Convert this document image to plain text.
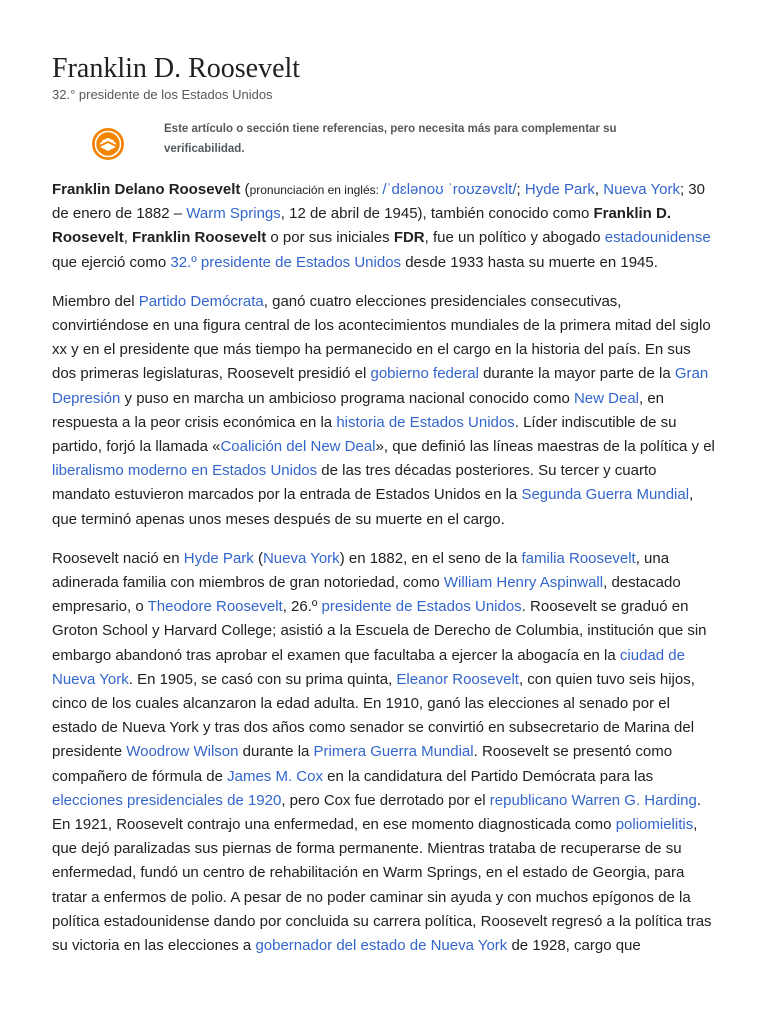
Franklin D. Roosevelt
32.° presidente de los Estados Unidos
Este artículo o sección tiene referencias, pero necesita más para complementar su verificabilidad.

Franklin Delano Roosevelt (pronunciación en inglés: /ˈdɛlənoʊ ˈroʊzəvɛlt/; Hyde Park, Nueva York; 30 de enero de 1882 – Warm Springs, 12 de abril de 1945), también conocido como Franklin D. Roosevelt, Franklin Roosevelt o por sus iniciales FDR, fue un político y abogado estadounidense que ejerció como 32.º presidente de Estados Unidos desde 1933 hasta su muerte en 1945.

Miembro del Partido Demócrata, ganó cuatro elecciones presidenciales consecutivas, convirtiéndose en una figura central de los acontecimientos mundiales de la primera mitad del siglo xx y en el presidente que más tiempo ha permanecido en el cargo en la historia del país. En sus dos primeras legislaturas, Roosevelt presidió el gobierno federal durante la mayor parte de la Gran Depresión y puso en marcha un ambicioso programa nacional conocido como New Deal, en respuesta a la peor crisis económica en la historia de Estados Unidos. Líder indiscutible de su partido, forjó la llamada «Coalición del New Deal», que definió las líneas maestras de la política y el liberalismo moderno en Estados Unidos de las tres décadas posteriores. Su tercer y cuarto mandato estuvieron marcados por la entrada de Estados Unidos en la Segunda Guerra Mundial, que terminó apenas unos meses después de su muerte en el cargo.

Roosevelt nació en Hyde Park (Nueva York) en 1882, en el seno de la familia Roosevelt, una adinerada familia con miembros de gran notoriedad, como William Henry Aspinwall, destacado empresario, o Theodore Roosevelt, 26.º presidente de Estados Unidos. Roosevelt se graduó en Groton School y Harvard College; asistió a la Escuela de Derecho de Columbia, institución que sin embargo abandonó tras aprobar el examen que facultaba a ejercer la abogacía en la ciudad de Nueva York. En 1905, se casó con su prima quinta, Eleanor Roosevelt, con quien tuvo seis hijos, cinco de los cuales alcanzaron la edad adulta. En 1910, ganó las elecciones al senado por el estado de Nueva York y tras dos años como senador se convirtió en subsecretario de Marina del presidente Woodrow Wilson durante la Primera Guerra Mundial. Roosevelt se presentó como compañero de fórmula de James M. Cox en la candidatura del Partido Demócrata para las elecciones presidenciales de 1920, pero Cox fue derrotado por el republicano Warren G. Harding. En 1921, Roosevelt contrajo una enfermedad, en ese momento diagnosticada como poliomielitis, que dejó paralizadas sus piernas de forma permanente. Mientras trataba de recuperarse de su enfermedad, fundó un centro de rehabilitación en Warm Springs, en el estado de Georgia, para tratar a enfermos de polio. A pesar de no poder caminar sin ayuda y con muchos epígonos de la política estadounidense dando por concluida su carrera política, Roosevelt regresó a la política tras su victoria en las elecciones a gobernador del estado de Nueva York de 1928, cargo que
